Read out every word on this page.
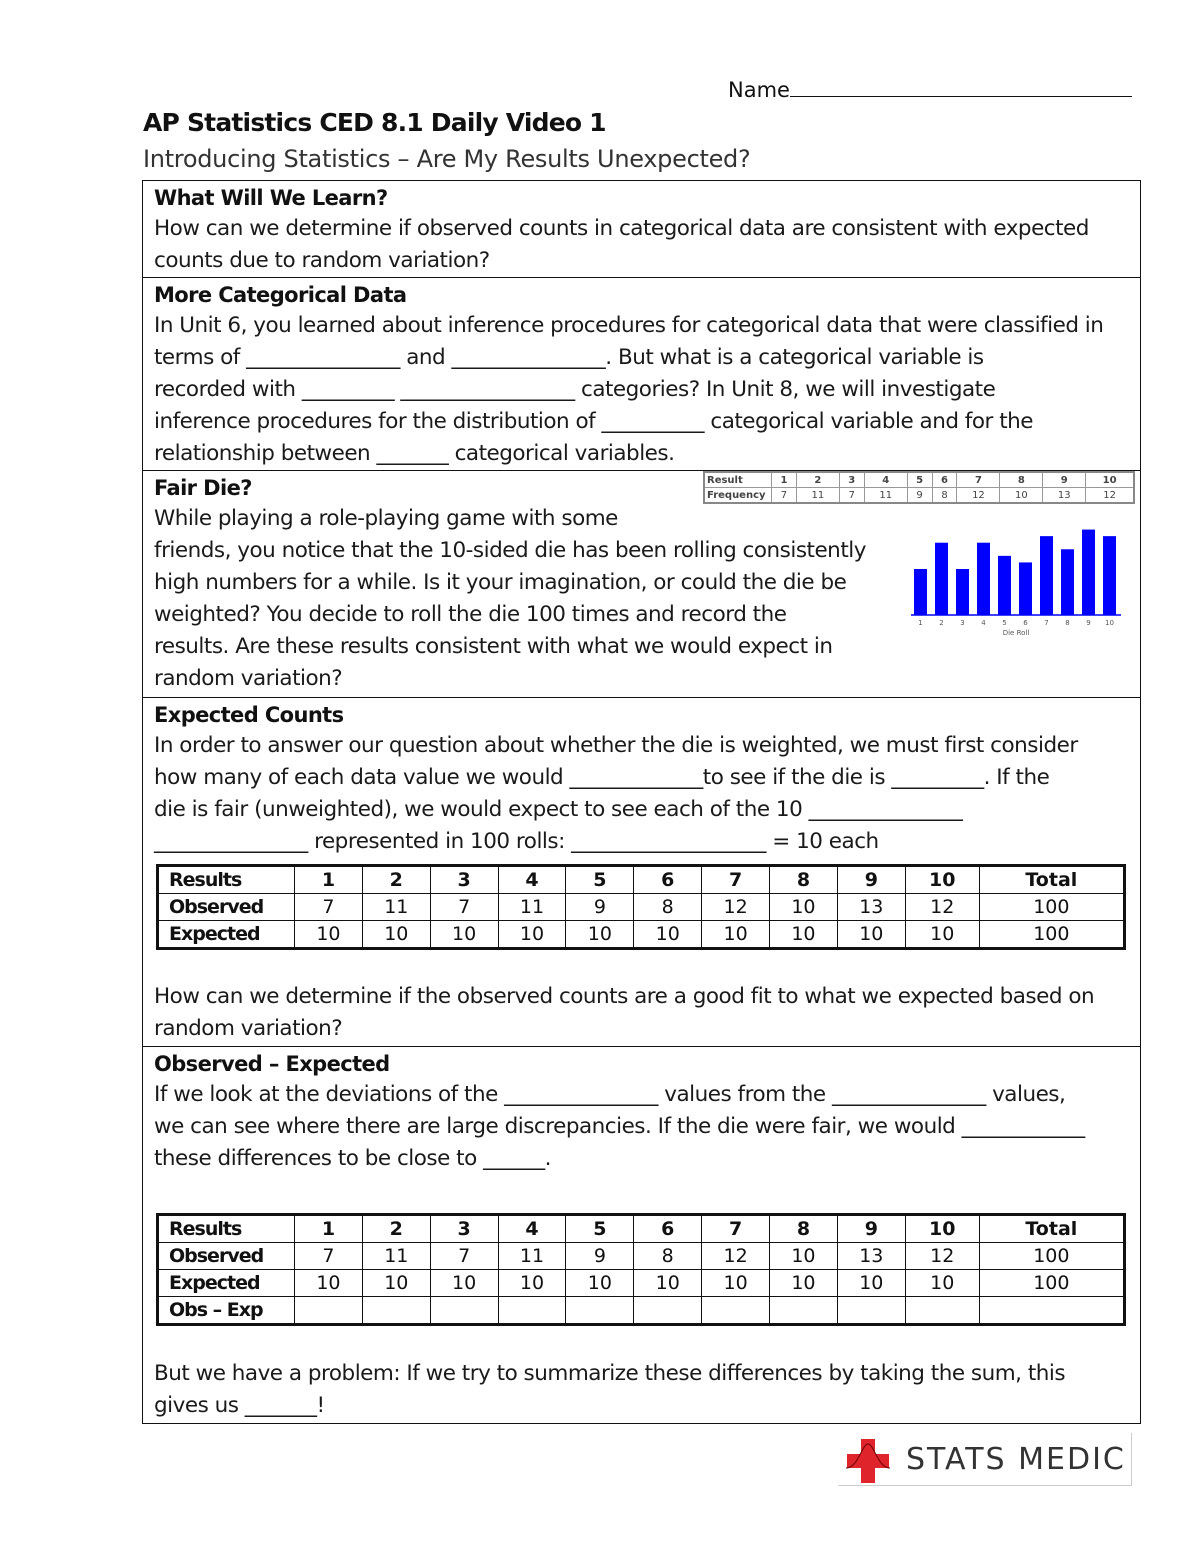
Name
AP Statistics CED 8.1 Daily Video 1
Introducing Statistics – Are My Results Unexpected?
What Will We Learn?
How can we determine if observed counts in categorical data are consistent with expected counts due to random variation?
More Categorical Data
In Unit 6, you learned about inference procedures for categorical data that were classified in
terms of _______________ and _______________. But what is a categorical variable is
recorded with _________ _________________ categories? In Unit 8, we will investigate
inference procedures for the distribution of __________ categorical variable and for the
relationship between _______ categorical variables.
Fair Die?
While playing a role-playing game with some
friends, you notice that the 10-sided die has been rolling consistently
high numbers for a while. Is it your imagination, or could the die be
weighted? You decide to roll the die 100 times and record the
results. Are these results consistent with what we would expect in
random variation?
Result	1	2	3	4	5	6	7	8	9	10
Frequency	7	11	7	11	9	8	12	10	13	12
1 2 3 4 5 6 7 8 9 10
Die Roll
Expected Counts
In order to answer our question about whether the die is weighted, we must first consider
how many of each data value we would _____________to see if the die is _________. If the
die is fair (unweighted), we would expect to see each of the 10 _______________
_______________ represented in 100 rolls: ___________________ = 10 each
Results	1	2	3	4	5	6	7	8	9	10	Total
Observed	7	11	7	11	9	8	12	10	13	12	100
Expected	10	10	10	10	10	10	10	10	10	10	100
How can we determine if the observed counts are a good fit to what we expected based on
random variation?
Observed – Expected
If we look at the deviations of the _______________ values from the _______________ values,
we can see where there are large discrepancies. If the die were fair, we would ____________
these differences to be close to ______.
Results	1	2	3	4	5	6	7	8	9	10	Total
Observed	7	11	7	11	9	8	12	10	13	12	100
Expected	10	10	10	10	10	10	10	10	10	10	100
Obs – Exp											
But we have a problem: If we try to summarize these differences by taking the sum, this
gives us _______!
STATS MEDIC
